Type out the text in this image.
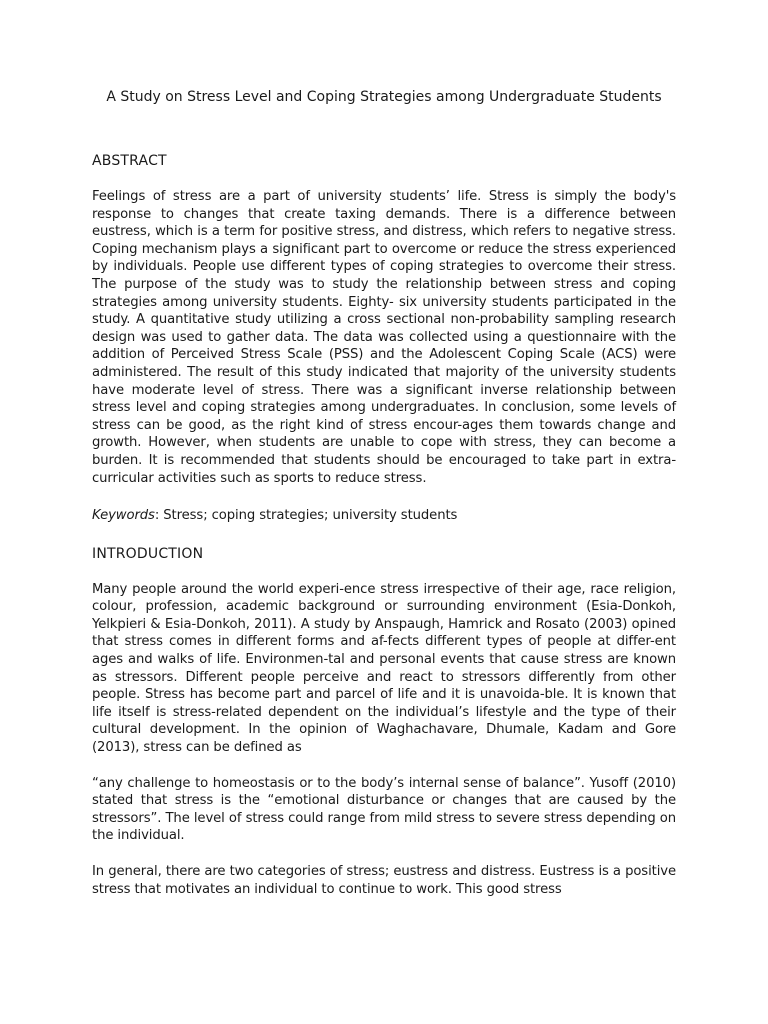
A Study on Stress Level and Coping Strategies among Undergraduate Students
ABSTRACT

Feelings of stress are a part of university students’ life. Stress is simply the body's response to changes that create taxing demands. There is a difference between eustress, which is a term for positive stress, and distress, which refers to negative stress. Coping mechanism plays a significant part to overcome or reduce the stress experienced by individuals. People use different types of coping strategies to overcome their stress. The purpose of the study was to study the relationship between stress and coping strategies among university students. Eighty- six university students participated in the study. A quantitative study utilizing a cross sectional non-probability sampling research design was used to gather data. The data was collected using a questionnaire with the addition of Perceived Stress Scale (PSS) and the Adolescent Coping Scale (ACS) were administered. The result of this study indicated that majority of the university students have moderate level of stress. There was a significant inverse relationship between stress level and coping strategies among undergraduates. In conclusion, some levels of stress can be good, as the right kind of stress encour-ages them towards change and growth. However, when students are unable to cope with stress, they can become a burden. It is recommended that students should be encouraged to take part in extra-curricular activities such as sports to reduce stress.

Keywords: Stress; coping strategies; university students

INTRODUCTION

Many people around the world experi-ence stress irrespective of their age, race religion, colour, profession, academic background or surrounding environment (Esia-Donkoh, Yelkpieri & Esia-Donkoh, 2011). A study by Anspaugh, Hamrick and Rosato (2003) opined that stress comes in different forms and af-fects different types of people at differ-ent ages and walks of life. Environmen-tal and personal events that cause stress are known as stressors. Different people perceive and react to stressors differently from other people. Stress has become part and parcel of life and it is unavoida-ble. It is known that life itself is stress-related dependent on the individual’s lifestyle and the type of their cultural development. In the opinion of Waghachavare, Dhumale, Kadam and Gore (2013), stress can be defined as

“any challenge to homeostasis or to the body’s internal sense of balance”. Yusoff (2010) stated that stress is the “emotional disturbance or changes that are caused by the stressors”. The level of stress could range from mild stress to severe stress depending on the individual.

In general, there are two categories of stress; eustress and distress. Eustress is a positive stress that motivates an individual to continue to work. This good stress
